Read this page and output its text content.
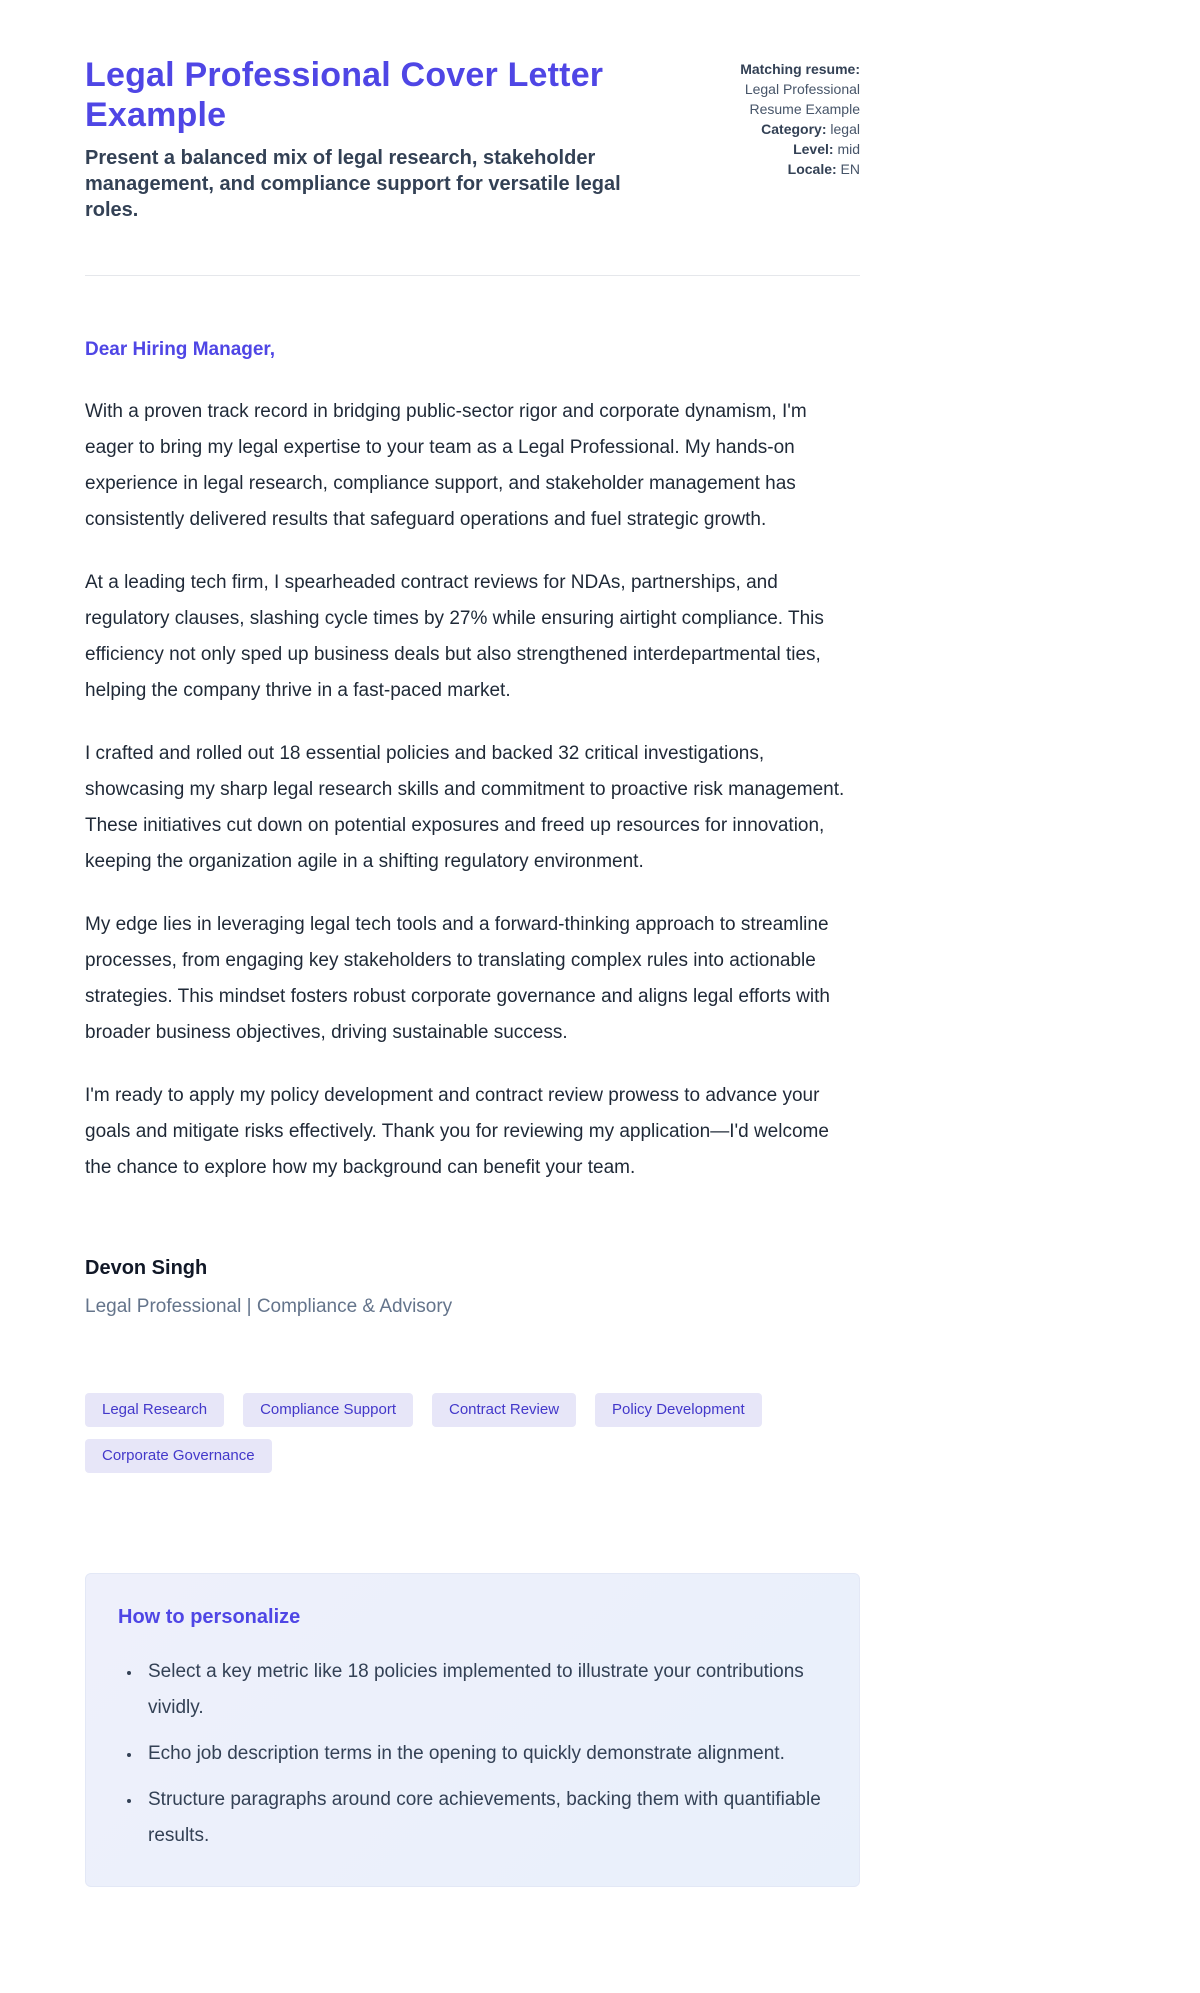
Legal Professional Cover Letter Example
Present a balanced mix of legal research, stakeholder management, and compliance support for versatile legal roles.
Matching resume:
Legal Professional Resume Example
Category: legal
Level: mid
Locale: EN
Dear Hiring Manager,

With a proven track record in bridging public-sector rigor and corporate dynamism, I'm eager to bring my legal expertise to your team as a Legal Professional. My hands-on experience in legal research, compliance support, and stakeholder management has consistently delivered results that safeguard operations and fuel strategic growth.

At a leading tech firm, I spearheaded contract reviews for NDAs, partnerships, and regulatory clauses, slashing cycle times by 27% while ensuring airtight compliance. This efficiency not only sped up business deals but also strengthened interdepartmental ties, helping the company thrive in a fast-paced market.

I crafted and rolled out 18 essential policies and backed 32 critical investigations, showcasing my sharp legal research skills and commitment to proactive risk management. These initiatives cut down on potential exposures and freed up resources for innovation, keeping the organization agile in a shifting regulatory environment.

My edge lies in leveraging legal tech tools and a forward-thinking approach to streamline processes, from engaging key stakeholders to translating complex rules into actionable strategies. This mindset fosters robust corporate governance and aligns legal efforts with broader business objectives, driving sustainable success.

I'm ready to apply my policy development and contract review prowess to advance your goals and mitigate risks effectively. Thank you for reviewing my application—I'd welcome the chance to explore how my background can benefit your team.

Devon Singh
Legal Professional | Compliance & Advisory
Legal Research	Compliance Support	Contract Review	Policy Development
Corporate Governance
How to personalize
• Select a key metric like 18 policies implemented to illustrate your contributions vividly.
• Echo job description terms in the opening to quickly demonstrate alignment.
• Structure paragraphs around core achievements, backing them with quantifiable results.
